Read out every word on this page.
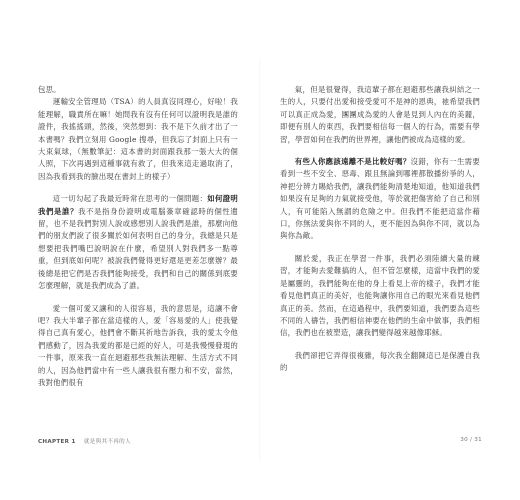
包思。

運輸安全管理局（TSA）的人員真沒同理心，好啦！我能理解，職責所在嘛！她問我有沒有任何可以證明我是誰的證件，我搖搖頭，然後，突然想到：我不是下久前才出了一本書嗎？我們立刻用 Google 搜尋，但我忘了封面上只有一大束氣球，（無數筆記：這本書的封面跟我那一張大大的個人照，下次再遇到這種事就有救了，但我來這走過取消了，因為我看到我的臉出現在書封上的樣子）

這一切勾起了我最近時常在思考的一個問題：如何證明我們是誰？我不是指身份證明或電腦簽章確認時的個性遺留，也不是我們對別人說或感想別人說我們是誰，那麼向他們的朋友們說了很多關於如何表明自己的身分，我總是只是想要把我們嘴巴說明說在什麼，希望別人對我們多一點尊重，但到底如何呢？被說我們覺得更好還是更差怎麼辦？最後總是把它們是否我們能夠接受，我們和自己的關係到底要怎麼理解，就是我們成為了誰。

愛一個可愛又讓和的人很容易，我的意思是，這讓不會吧？我大半輩子都在當這樣的人，愛「容易愛的人」使我覺得自己真有愛心，他們會不斷其祈地告訴我，我的愛太令他們感動了，因為我愛的都是已經的好人，可是我慢慢發現的一件事，原來我一直在迴避那些我無法理解、生活方式不同的人，因為他們當中有一些人讓我很有壓力和不安，當然，我對他們很有

氣，但是很覺得，我這輩子都在迴避那些讓我糾結之一生的人，只要付出愛和接受愛可不是神的恩典，祂希望我們可以真正成為愛，團團成為愛的人會是見到人內在的美麗，即便有別人的東西，我們要相信每一個人的行為，需要有學習，學習如何在我們的世界裡，讓他們被成為這樣的愛。

有些人你應該遠離不是比較好嗎？沒錯，你有一生需要看到一些不安全、惡毒、跟且無論到哪裡都散播紛爭的人，神把分辨力賜給我們，讓我們能夠清楚地知道，他知道我們如果沒有足夠的力氣就接受他，等於就把傷害給了自己和別人，有可能陷入無謂的危險之中。但我們不能把這當作藉口，你無法愛與你不同的人，更不能因為與你不同，就以為與你為敵。

關於愛，我正在學習一件事，我們必須陸續大量的練習，才能夠去愛難搞的人，但不管怎麼樣，這當中我們的愛是屬靈的，我們能夠在他的身上看見上帝的樣子，我們才能看見他們真正的美好，也能夠讓你用自己的眼光來看見他們真正的美。然而，在這過程中，我們要知道，我們要為這些不同的人禱告，我們相信神要在他們的生命中做事，我們相信，我們也在被塑造，讓我們變得越來越像耶穌。

我們卻把它弄得很複雜，每次我全翻陳這已是保護自我的

CHAPTER 1 就是與其不再的人	30 / 31
